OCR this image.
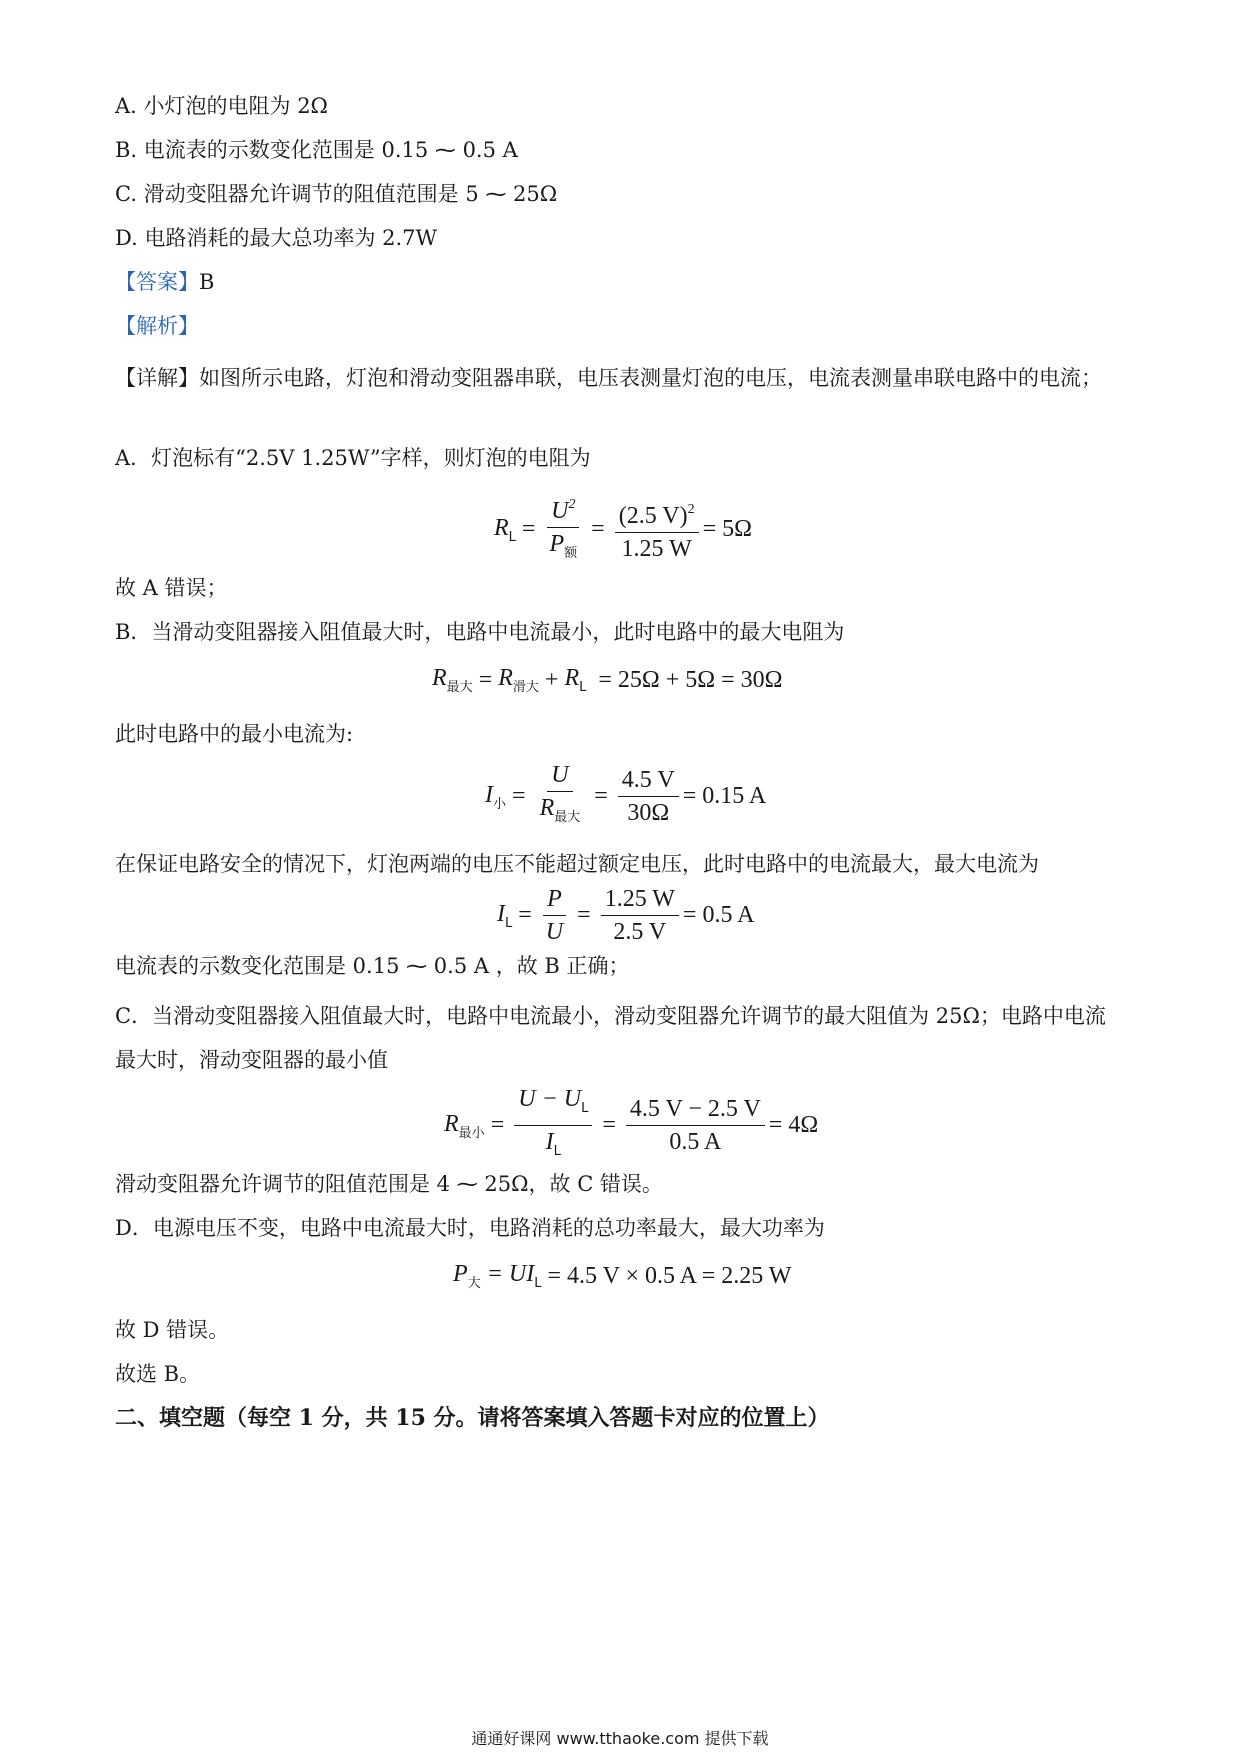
A. 小灯泡的电阻为 2Ω
B. 电流表的示数变化范围是 0.15 ⁓ 0.5 A
C. 滑动变阻器允许调节的阻值范围是 5 ⁓ 25Ω
D. 电路消耗的最大总功率为 2.7W
【答案】B
【解析】
【详解】如图所示电路，灯泡和滑动变阻器串联，电压表测量灯泡的电压，电流表测量串联电路中的电流；
A．灯泡标有“2.5V 1.25W”字样，则灯泡的电阻为
$R_L = \frac{U^2}{P_额} = \frac{(2.5 V)^2}{1.25 W} = 5\Omega$
故 A 错误；
B．当滑动变阻器接入阻值最大时，电路中电流最小，此时电路中的最大电阻为
$R_{最大} = R_{滑大} + R_L = 25\Omega + 5\Omega = 30\Omega$
此时电路中的最小电流为:
$I_小 = \frac{U}{R_{最大}} = \frac{4.5 V}{30\Omega} = 0.15$ A
在保证电路安全的情况下，灯泡两端的电压不能超过额定电压，此时电路中的电流最大，最大电流为
$I_L = \frac{P}{U} = \frac{1.25 W}{2.5 V} = 0.5$ A
电流表的示数变化范围是 0.15 ⁓ 0.5 A ，故 B 正确；
C．当滑动变阻器接入阻值最大时，电路中电流最小，滑动变阻器允许调节的最大阻值为 25Ω；电路中电流最大时，滑动变阻器的最小值
$R_{最小} = \frac{U - U_L}{I_L} = \frac{4.5 V - 2.5 V}{0.5 A} = 4\Omega$
滑动变阻器允许调节的阻值范围是 4 ⁓ 25Ω，故 C 错误。
D．电源电压不变，电路中电流最大时，电路消耗的总功率最大，最大功率为
$P_大 = UI_L = 4.5$ V × 0.5 A = 2.25 W
故 D 错误。
故选 B。
二、填空题（每空 1 分，共 15 分。请将答案填入答题卡对应的位置上）
通通好课网 www.tthaoke.com 提供下载
